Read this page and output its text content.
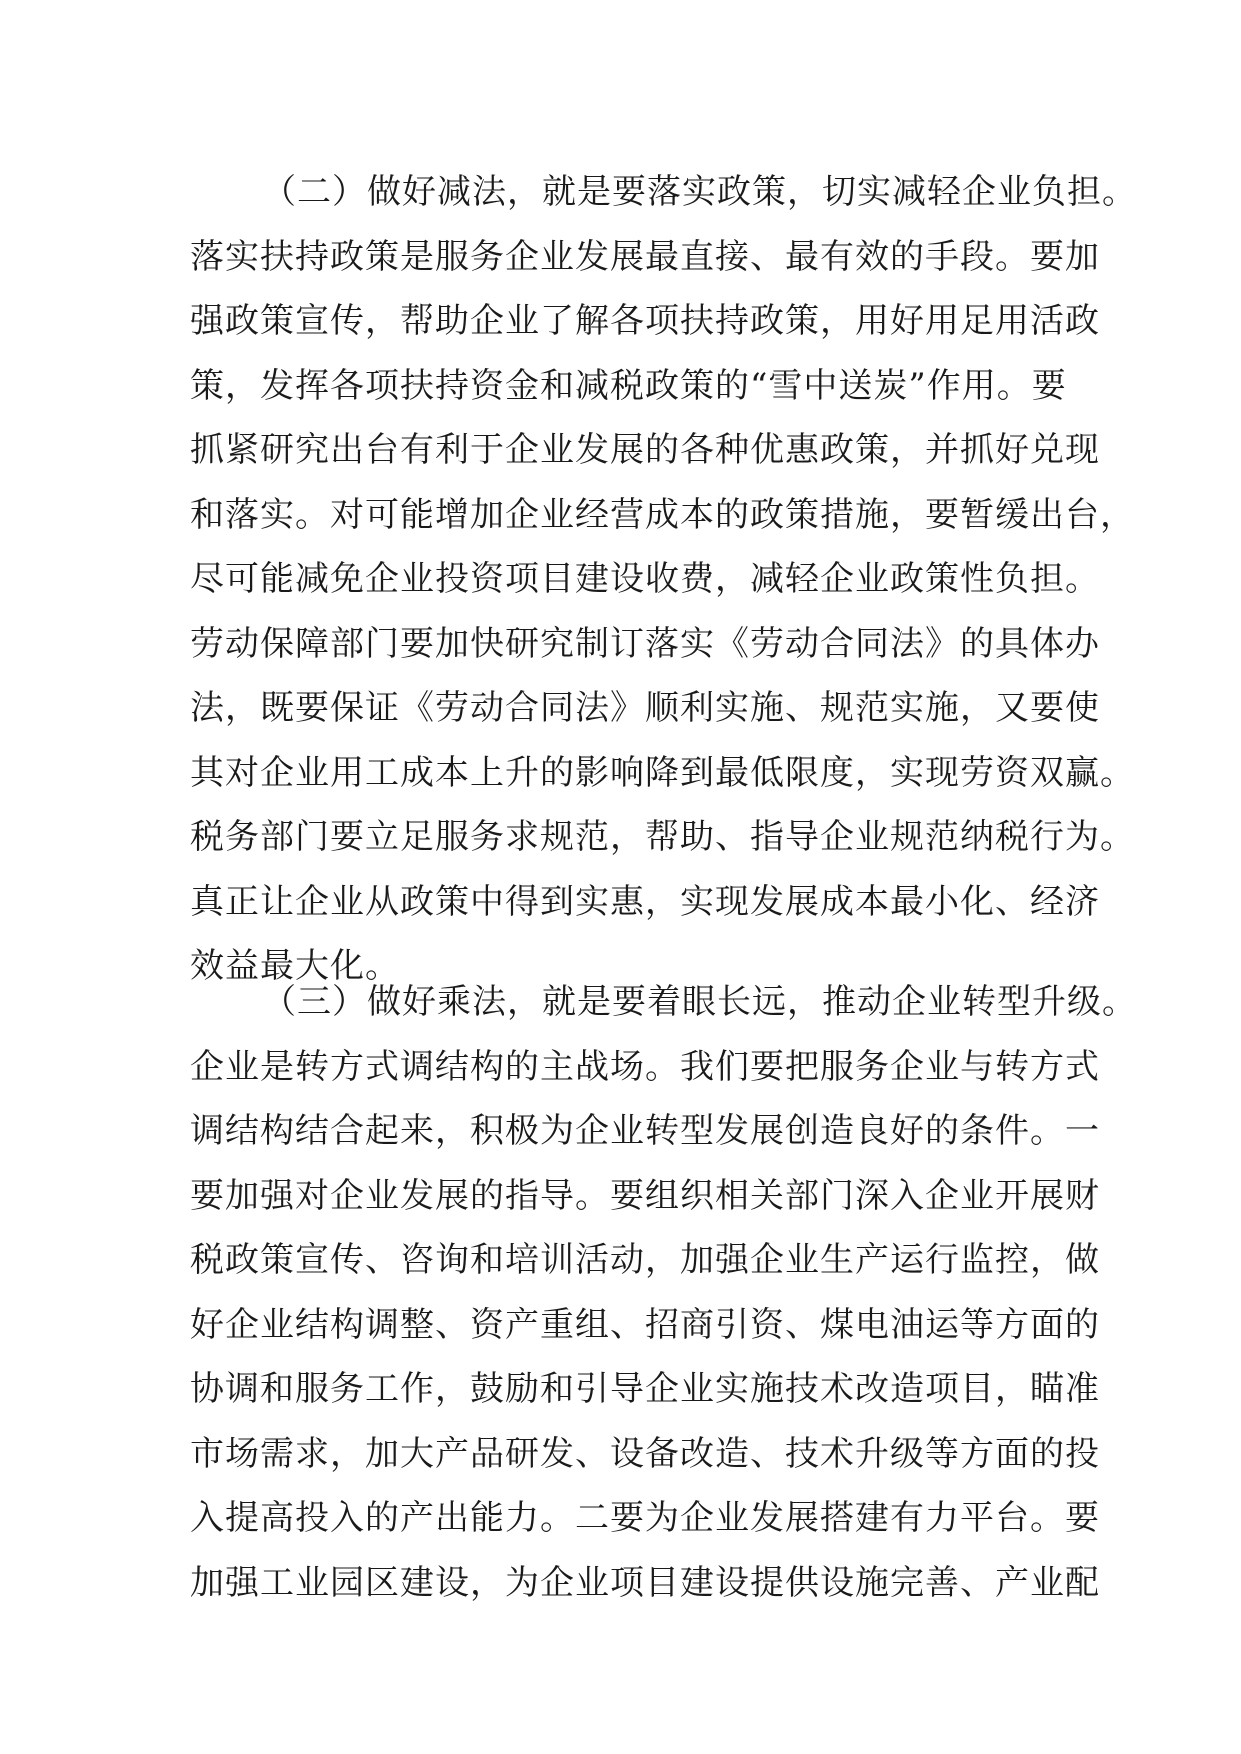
（二）做好减法，就是要落实政策，切实减轻企业负担。
落实扶持政策是服务企业发展最直接、最有效的手段。要加
强政策宣传，帮助企业了解各项扶持政策，用好用足用活政
策，发挥各项扶持资金和减税政策的“雪中送炭”作用。要
抓紧研究出台有利于企业发展的各种优惠政策，并抓好兑现
和落实。对可能增加企业经营成本的政策措施，要暂缓出台，
尽可能减免企业投资项目建设收费，减轻企业政策性负担。
劳动保障部门要加快研究制订落实《劳动合同法》的具体办
法，既要保证《劳动合同法》顺利实施、规范实施，又要使
其对企业用工成本上升的影响降到最低限度，实现劳资双赢。
税务部门要立足服务求规范，帮助、指导企业规范纳税行为。
真正让企业从政策中得到实惠，实现发展成本最小化、经济
效益最大化。
（三）做好乘法，就是要着眼长远，推动企业转型升级。
企业是转方式调结构的主战场。我们要把服务企业与转方式
调结构结合起来，积极为企业转型发展创造良好的条件。一
要加强对企业发展的指导。要组织相关部门深入企业开展财
税政策宣传、咨询和培训活动，加强企业生产运行监控，做
好企业结构调整、资产重组、招商引资、煤电油运等方面的
协调和服务工作，鼓励和引导企业实施技术改造项目，瞄准
市场需求，加大产品研发、设备改造、技术升级等方面的投
入提高投入的产出能力。二要为企业发展搭建有力平台。要
加强工业园区建设，为企业项目建设提供设施完善、产业配
